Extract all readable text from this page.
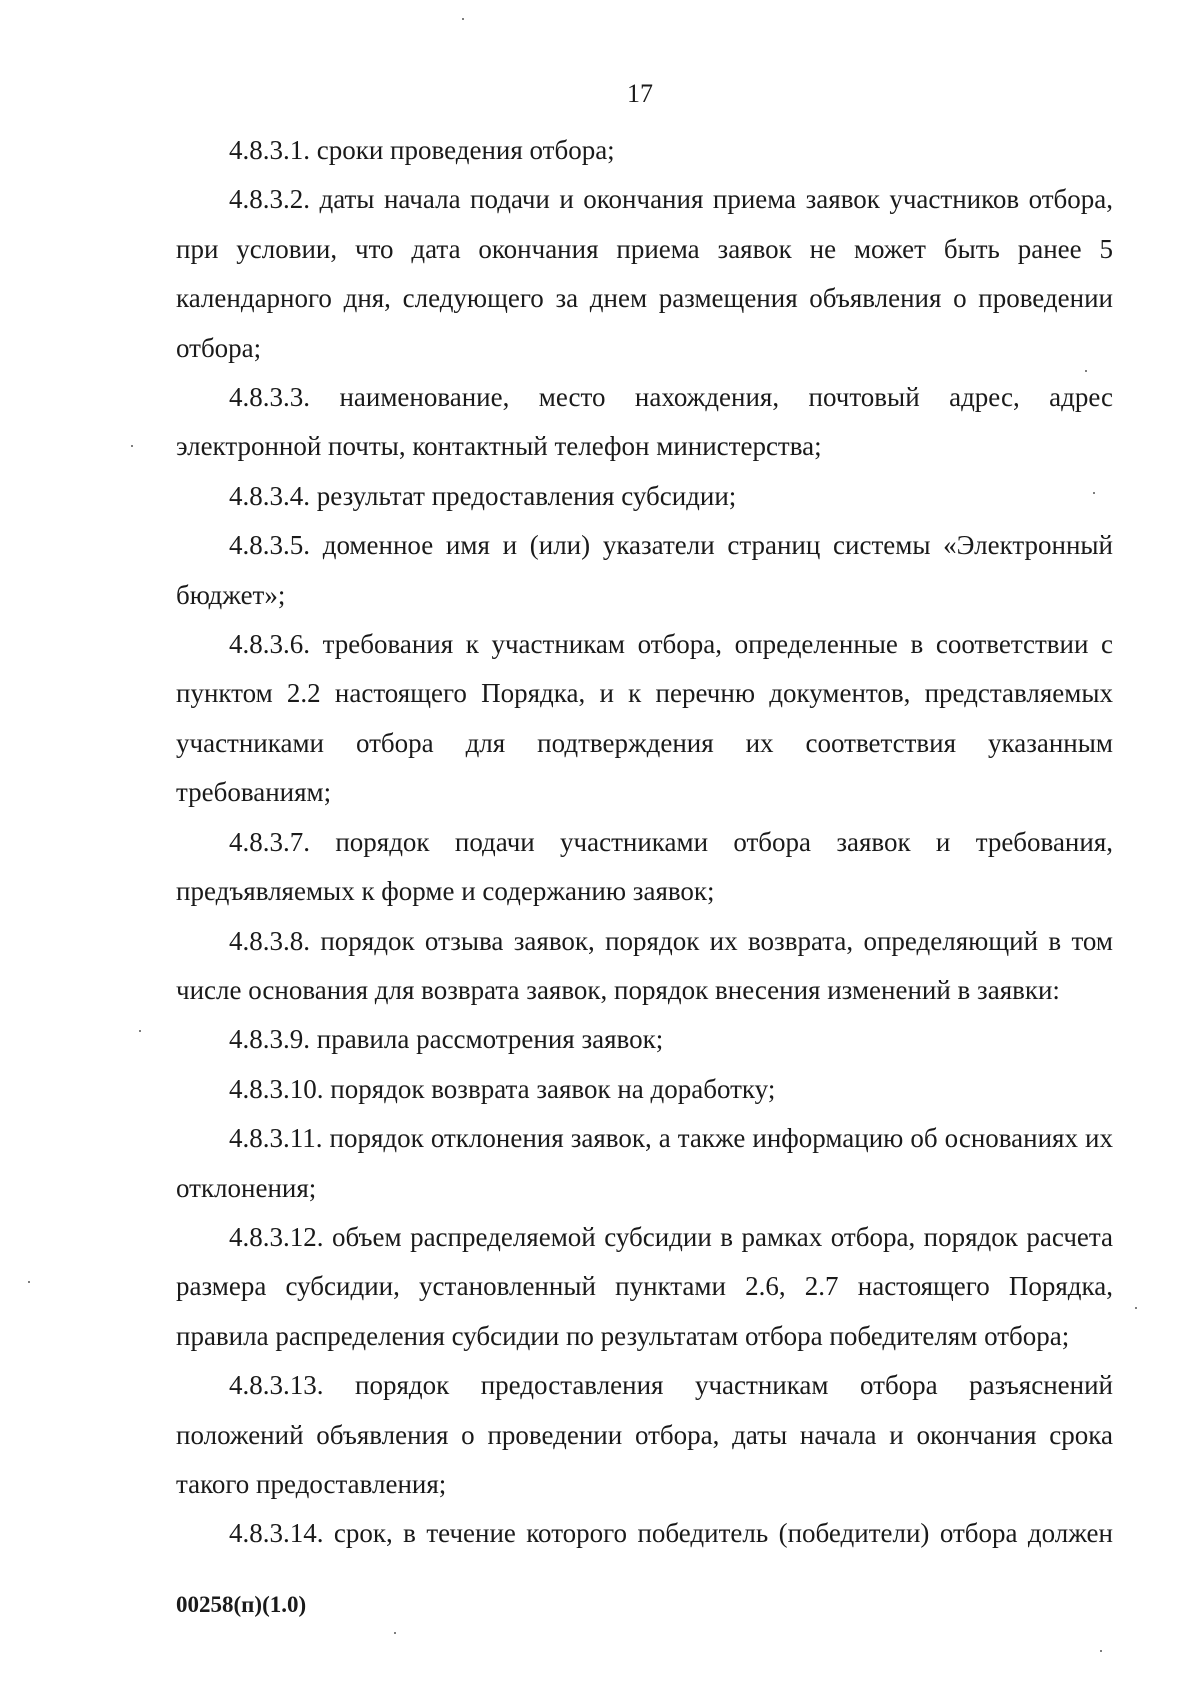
17

4.8.3.1. сроки проведения отбора;

4.8.3.2. даты начала подачи и окончания приема заявок участников отбора, при условии, что дата окончания приема заявок не может быть ранее 5 календарного дня, следующего за днем размещения объявления о проведении отбора;

4.8.3.3. наименование, место нахождения, почтовый адрес, адрес электронной почты, контактный телефон министерства;

4.8.3.4. результат предоставления субсидии;

4.8.3.5. доменное имя и (или) указатели страниц системы «Электронный бюджет»;

4.8.3.6. требования к участникам отбора, определенные в соответствии с пунктом 2.2 настоящего Порядка, и к перечню документов, представляемых участниками отбора для подтверждения их соответствия указанным требованиям;

4.8.3.7. порядок подачи участниками отбора заявок и требования, предъявляемых к форме и содержанию заявок;

4.8.3.8. порядок отзыва заявок, порядок их возврата, определяющий в том числе основания для возврата заявок, порядок внесения изменений в заявки:

4.8.3.9. правила рассмотрения заявок;

4.8.3.10. порядок возврата заявок на доработку;

4.8.3.11. порядок отклонения заявок, а также информацию об основаниях их отклонения;

4.8.3.12. объем распределяемой субсидии в рамках отбора, порядок расчета размера субсидии, установленный пунктами 2.6, 2.7 настоящего Порядка, правила распределения субсидии по результатам отбора победителям отбора;

4.8.3.13. порядок предоставления участникам отбора разъяснений положений объявления о проведении отбора, даты начала и окончания срока такого предоставления;

4.8.3.14. срок, в течение которого победитель (победители) отбора должен

00258(п)(1.0)
